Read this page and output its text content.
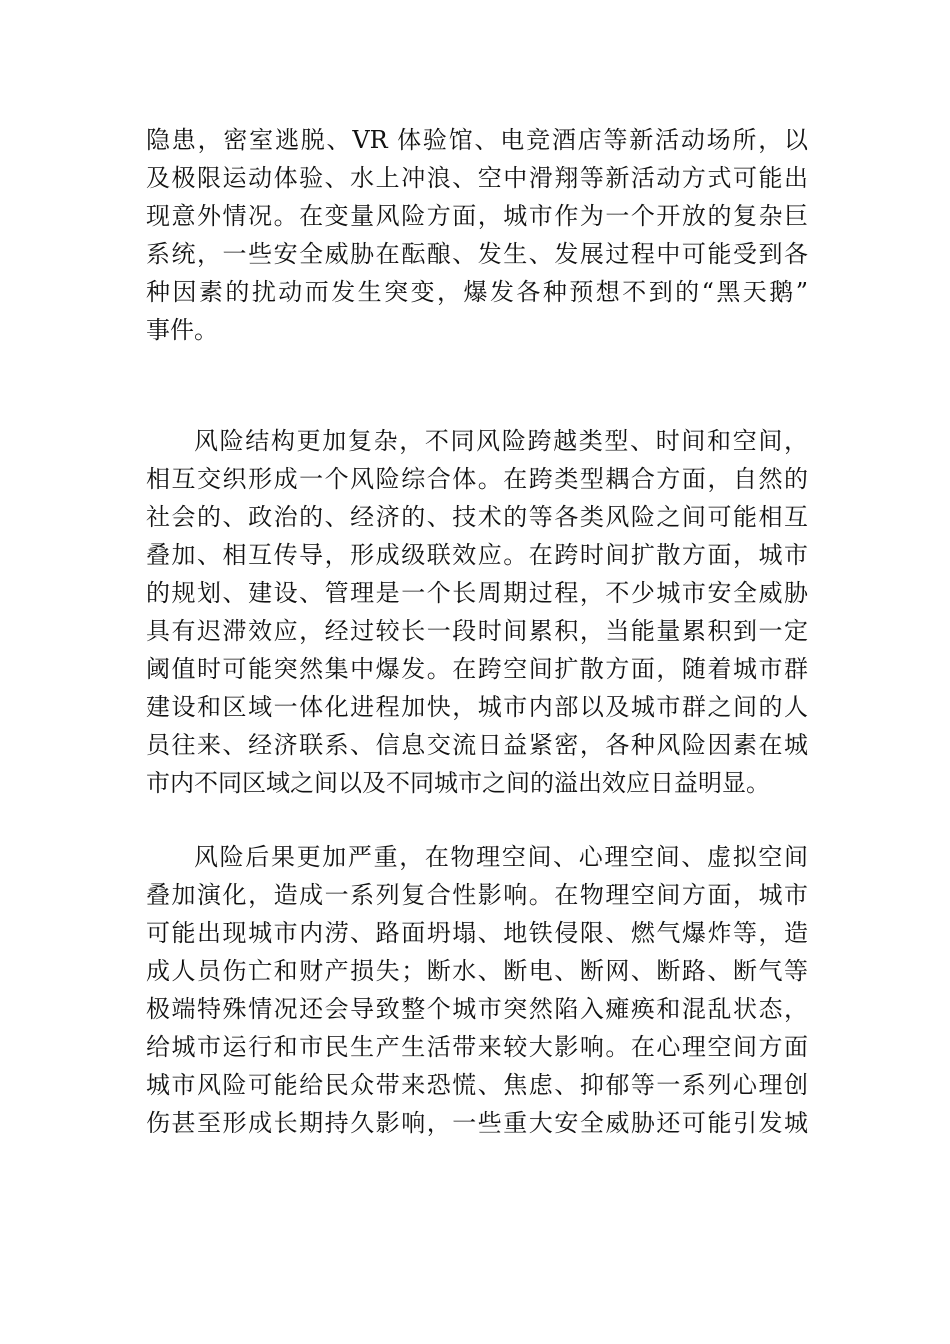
隐患，密室逃脱、VR 体验馆、电竞酒店等新活动场所，以
及极限运动体验、水上冲浪、空中滑翔等新活动方式可能出
现意外情况。在变量风险方面，城市作为一个开放的复杂巨
系统，一些安全威胁在酝酿、发生、发展过程中可能受到各
种因素的扰动而发生突变，爆发各种预想不到的“黑天鹅”
事件。
风险结构更加复杂，不同风险跨越类型、时间和空间，
相互交织形成一个风险综合体。在跨类型耦合方面，自然的
社会的、政治的、经济的、技术的等各类风险之间可能相互
叠加、相互传导，形成级联效应。在跨时间扩散方面，城市
的规划、建设、管理是一个长周期过程，不少城市安全威胁
具有迟滞效应，经过较长一段时间累积，当能量累积到一定
阈值时可能突然集中爆发。在跨空间扩散方面，随着城市群
建设和区域一体化进程加快，城市内部以及城市群之间的人
员往来、经济联系、信息交流日益紧密，各种风险因素在城
市内不同区域之间以及不同城市之间的溢出效应日益明显。
风险后果更加严重，在物理空间、心理空间、虚拟空间
叠加演化，造成一系列复合性影响。在物理空间方面，城市
可能出现城市内涝、路面坍塌、地铁侵限、燃气爆炸等，造
成人员伤亡和财产损失；断水、断电、断网、断路、断气等
极端特殊情况还会导致整个城市突然陷入瘫痪和混乱状态，
给城市运行和市民生产生活带来较大影响。在心理空间方面
城市风险可能给民众带来恐慌、焦虑、抑郁等一系列心理创
伤甚至形成长期持久影响，一些重大安全威胁还可能引发城
